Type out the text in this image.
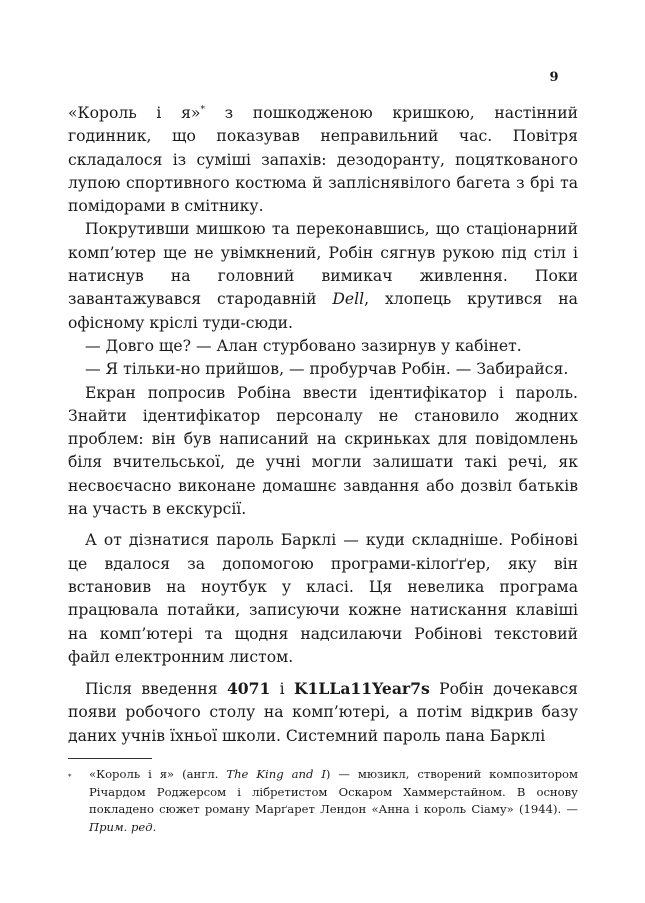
9

«Король і я»* з пошкодженою кришкою, настінний годинник, що показував неправильний час. Повітря складалося із суміші запахів: дезодоранту, поцяткованого лупою спортивного костюма й запліснявілого багета з брі та помідорами в смітнику.

Покрутивши мишкою та переконавшись, що стаціонарний комп’ютер ще не увімкнений, Робін сягнув рукою під стіл і натиснув на головний вимикач живлення. Поки завантажувався стародавній Dell, хлопець крутився на офісному кріслі туди-сюди.

— Довго ще? — Алан стурбовано зазирнув у кабінет.

— Я тільки-но прийшов, — пробурчав Робін. — Забирайся.

Екран попросив Робіна ввести ідентифікатор і пароль. Знайти ідентифікатор персоналу не становило жодних проблем: він був написаний на скриньках для повідомлень біля вчительської, де учні могли залишати такі речі, як несвоєчасно виконане домашнє завдання або дозвіл батьків на участь в екскурсії.

А от дізнатися пароль Барклі — куди складніше. Робінові це вдалося за допомогою програми-кілоґґер, яку він встановив на ноутбук у класі. Ця невелика програма працювала потайки, записуючи кожне натискання клавіші на комп’ютері та щодня надсилаючи Робінові текстовий файл електронним листом.

Після введення 4071 і K1LLa11Year7s Робін дочекався появи робочого столу на комп’ютері, а потім відкрив базу даних учнів їхньої школи. Системний пароль пана Барклі

* «Король і я» (англ. The King and I) — мюзикл, створений композитором Річардом Роджерсом і лібретистом Оскаром Хаммерстайном. В основу покладено сюжет роману Марґарет Лендон «Анна і король Сіаму» (1944). — Прим. ред.
